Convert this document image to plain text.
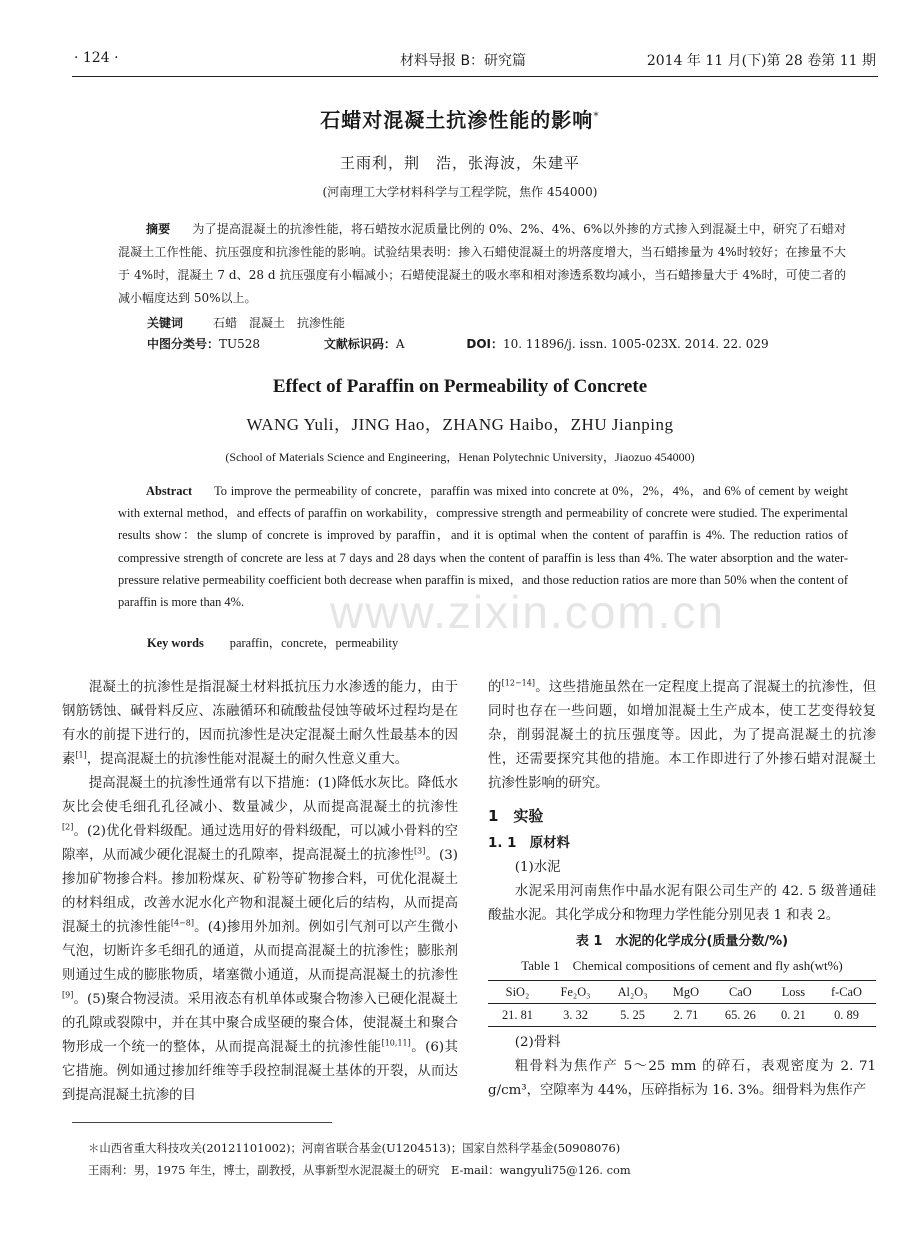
· 124 ·	材料导报 B：研究篇	2014 年 11 月(下)第 28 卷第 11 期
石蜡对混凝土抗渗性能的影响*
王雨利，荆　浩，张海波，朱建平
(河南理工大学材料科学与工程学院，焦作 454000)
摘要 为了提高混凝土的抗渗性能，将石蜡按水泥质量比例的 0%、2%、4%、6%以外掺的方式掺入到混凝土中，研究了石蜡对混凝土工作性能、抗压强度和抗渗性能的影响。试验结果表明：掺入石蜡使混凝土的坍落度增大，当石蜡掺量为 4%时较好；在掺量不大于 4%时，混凝土 7 d、28 d 抗压强度有小幅减小；石蜡使混凝土的吸水率和相对渗透系数均减小，当石蜡掺量大于 4%时，可使二者的减小幅度达到 50%以上。
关键词	石蜡　混凝土　抗渗性能
中图分类号：TU528	文献标识码：A	DOI：10. 11896/j. issn. 1005-023X. 2014. 22. 029
Effect of Paraffin on Permeability of Concrete
WANG Yuli，JING Hao，ZHANG Haibo，ZHU Jianping
(School of Materials Science and Engineering，Henan Polytechnic University，Jiaozuo 454000)
Abstract To improve the permeability of concrete，paraffin was mixed into concrete at 0%，2%，4%，and 6% of cement by weight with external method，and effects of paraffin on workability，compressive strength and permeability of concrete were studied. The experimental results show：the slump of concrete is improved by paraffin，and it is optimal when the content of paraffin is 4%. The reduction ratios of compressive strength of concrete are less at 7 days and 28 days when the content of paraffin is less than 4%. The water absorption and the water-pressure relative permeability coefficient both decrease when paraffin is mixed，and those reduction ratios are more than 50% when the content of paraffin is more than 4%.
Key words paraffin，concrete，permeability
www.zixin.com.cn

混凝土的抗渗性是指混凝土材料抵抗压力水渗透的能力，由于钢筋锈蚀、碱骨料反应、冻融循环和硫酸盐侵蚀等破坏过程均是在有水的前提下进行的，因而抗渗性是决定混凝土耐久性最基本的因素[1]，提高混凝土的抗渗性能对混凝土的耐久性意义重大。

提高混凝土的抗渗性通常有以下措施：(1)降低水灰比。降低水灰比会使毛细孔孔径减小、数量减少，从而提高混凝土的抗渗性[2]。(2)优化骨料级配。通过选用好的骨料级配，可以减小骨料的空隙率，从而减少硬化混凝土的孔隙率，提高混凝土的抗渗性[3]。(3)掺加矿物掺合料。掺加粉煤灰、矿粉等矿物掺合料，可优化混凝土的材料组成，改善水泥水化产物和混凝土硬化后的结构，从而提高混凝土的抗渗性能[4−8]。(4)掺用外加剂。例如引气剂可以产生微小气泡，切断许多毛细孔的通道，从而提高混凝土的抗渗性；膨胀剂则通过生成的膨胀物质，堵塞微小通道，从而提高混凝土的抗渗性[9]。(5)聚合物浸渍。采用液态有机单体或聚合物渗入已硬化混凝土的孔隙或裂隙中，并在其中聚合成坚硬的聚合体，使混凝土和聚合物形成一个统一的整体，从而提高混凝土的抗渗性能[10,11]。(6)其它措施。例如通过掺加纤维等手段控制混凝土基体的开裂，从而达到提高混凝土抗渗的目

的[12−14]。这些措施虽然在一定程度上提高了混凝土的抗渗性，但同时也存在一些问题，如增加混凝土生产成本，使工艺变得较复杂，削弱混凝土的抗压强度等。因此，为了提高混凝土的抗渗性，还需要探究其他的措施。本工作即进行了外掺石蜡对混凝土抗渗性影响的研究。

1　实验

1. 1　原材料

(1)水泥

水泥采用河南焦作中晶水泥有限公司生产的 42. 5 级普通硅酸盐水泥。其化学成分和物理力学性能分别见表 1 和表 2。

表 1　水泥的化学成分(质量分数/%)

Table 1　Chemical compositions of cement and fly ash(wt%)

SiO₂	Fe₂O₃	Al₂O₃	MgO	CaO	Loss	f-CaO
21. 81	3. 32	5. 25	2. 71	65. 26	0. 21	0. 89

(2)骨料

粗骨料为焦作产 5～25 mm 的碎石，表观密度为 2. 71 g/cm³，空隙率为 44%，压碎指标为 16. 3%。细骨料为焦作产

＊山西省重大科技攻关(20121101002)；河南省联合基金(U1204513)；国家自然科学基金(50908076)
王雨利：男，1975 年生，博士，副教授，从事新型水泥混凝土的研究　E-mail：wangyuli75@126. com
